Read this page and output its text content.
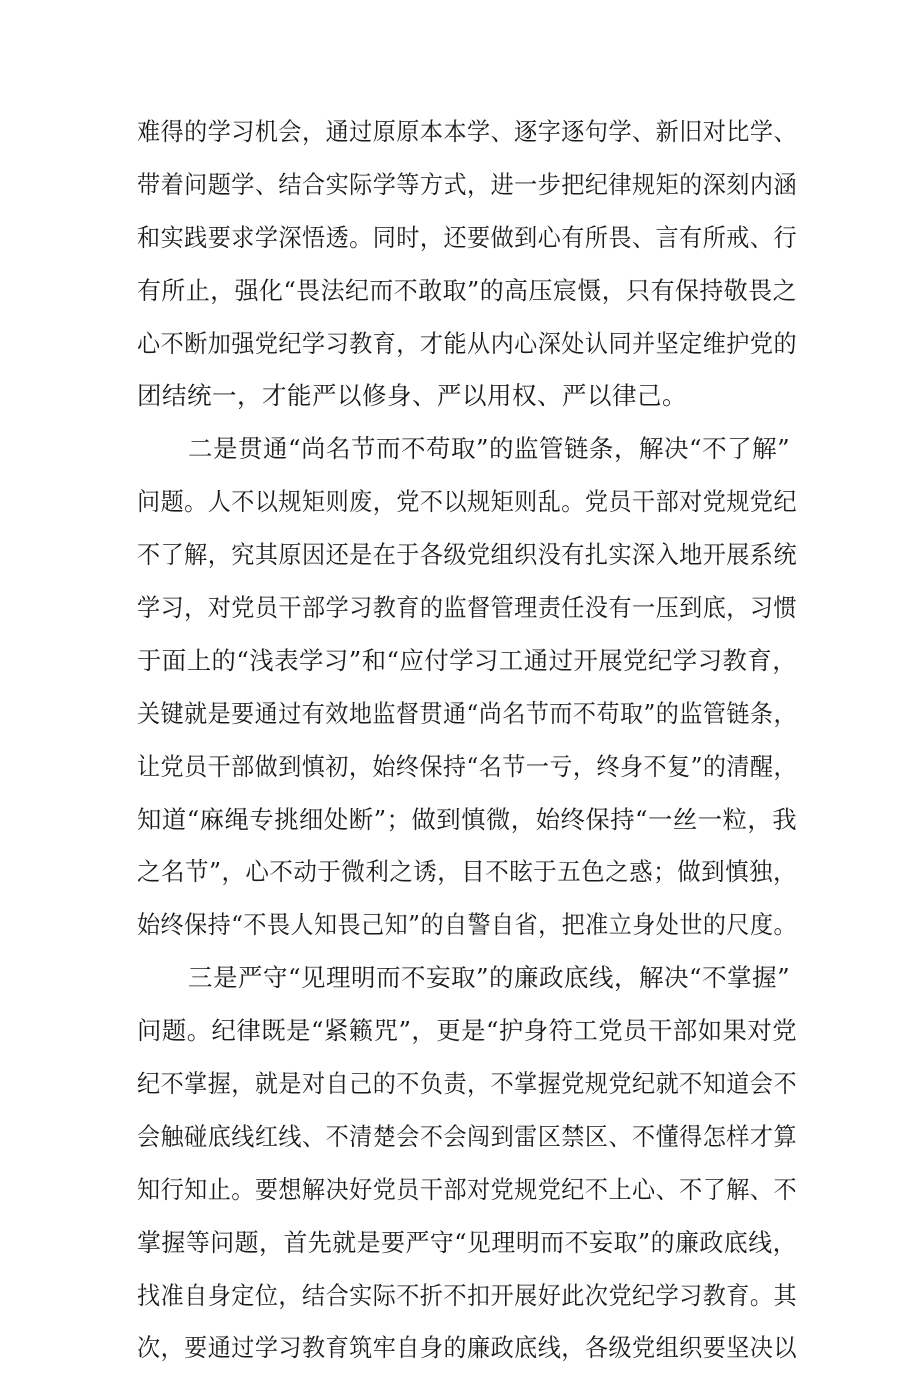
难得的学习机会，通过原原本本学、逐字逐句学、新旧对比学、
带着问题学、结合实际学等方式，进一步把纪律规矩的深刻内涵
和实践要求学深悟透。同时，还要做到心有所畏、言有所戒、行
有所止，强化“畏法纪而不敢取”的高压宸慑，只有保持敬畏之
心不断加强党纪学习教育，才能从内心深处认同并坚定维护党的
团结统一，才能严以修身、严以用权、严以律己。
二是贯通“尚名节而不苟取”的监管链条，解决“不了解”
问题。人不以规矩则废，党不以规矩则乱。党员干部对党规党纪
不了解，究其原因还是在于各级党组织没有扎实深入地开展系统
学习，对党员干部学习教育的监督管理责任没有一压到底，习惯
于面上的“浅表学习”和“应付学习工通过开展党纪学习教育，
关键就是要通过有效地监督贯通“尚名节而不苟取”的监管链条，
让党员干部做到慎初，始终保持“名节一亏，终身不复”的清醒，
知道“麻绳专挑细处断”；做到慎微，始终保持“一丝一粒，我
之名节”，心不动于微利之诱，目不眩于五色之惑；做到慎独，
始终保持“不畏人知畏己知”的自警自省，把准立身处世的尺度。
三是严守“见理明而不妄取”的廉政底线，解决“不掌握”
问题。纪律既是“紧籁咒”，更是“护身符工党员干部如果对党
纪不掌握，就是对自己的不负责，不掌握党规党纪就不知道会不
会触碰底线红线、不清楚会不会闯到雷区禁区、不懂得怎样才算
知行知止。要想解决好党员干部对党规党纪不上心、不了解、不
掌握等问题，首先就是要严守“见理明而不妄取”的廉政底线，
找准自身定位，结合实际不折不扣开展好此次党纪学习教育。其
次，要通过学习教育筑牢自身的廉政底线，各级党组织要坚决以
